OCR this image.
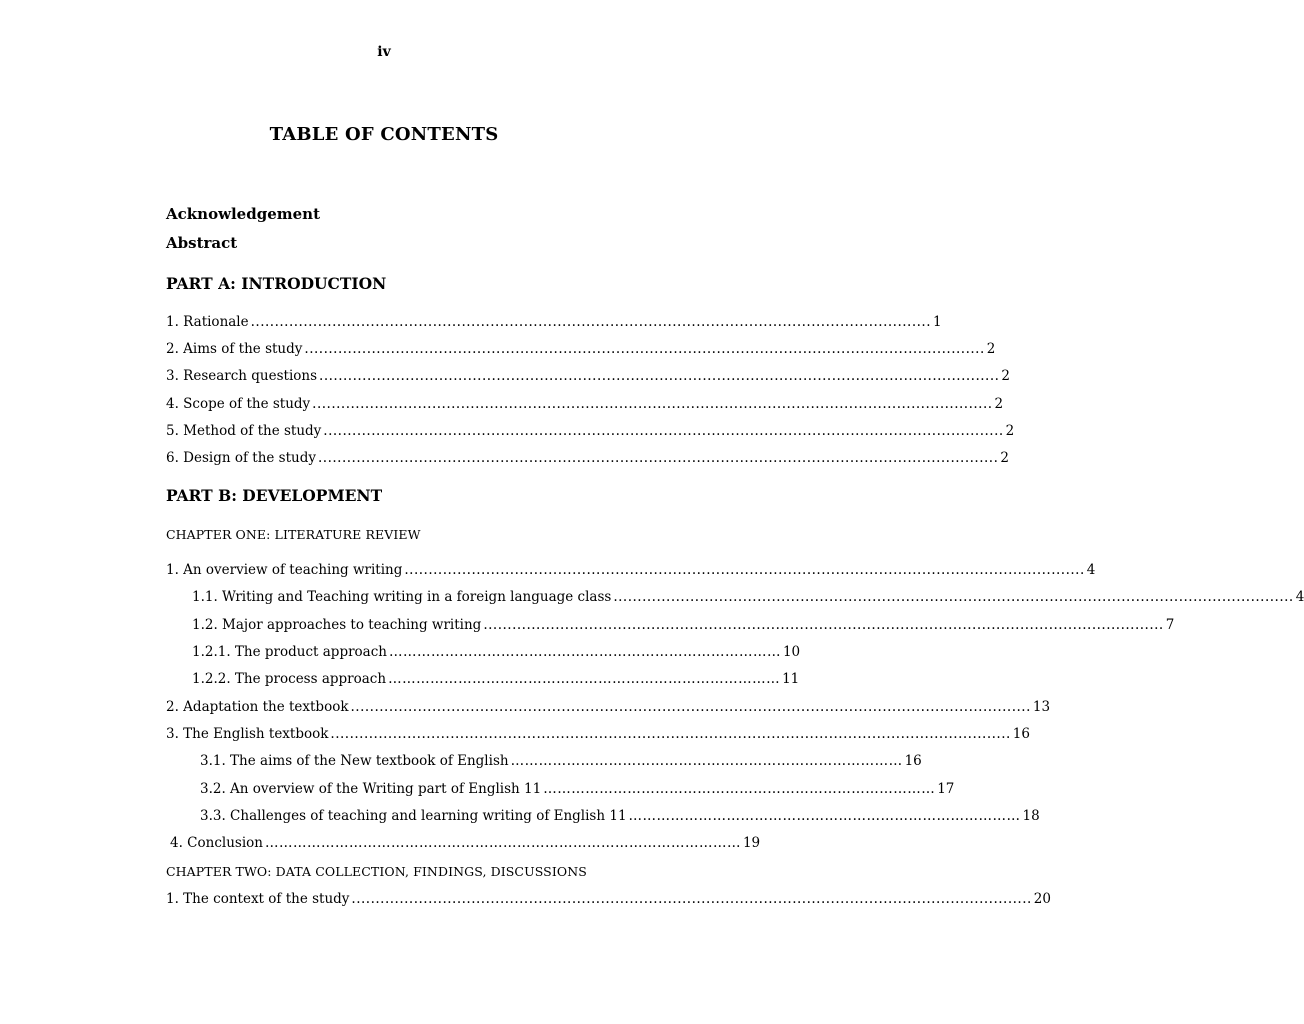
iv
TABLE OF CONTENTS
Acknowledgement
Abstract
PART A: INTRODUCTION
1. Rationale .............................................................................................................................................. 1
2. Aims of the study .............................................................................................................................................. 2
3. Research questions .............................................................................................................................................. 2
4. Scope of the study .............................................................................................................................................. 2
5. Method of the study .............................................................................................................................................. 2
6. Design of the study .............................................................................................................................................. 2
PART B: DEVELOPMENT
CHAPTER ONE: LITERATURE REVIEW
1. An overview of teaching writing .............................................................................................................................................. 4
1.1. Writing and Teaching writing in a foreign language class .............................................................................................................................................. 4
1.2. Major approaches to teaching writing .............................................................................................................................................. 7
1.2.1. The product approach ………………………………………………………………………… 10
1.2.2. The process approach ………………………………………………………………………… 11
2. Adaptation the textbook .............................................................................................................................................. 13
3. The English textbook .............................................................................................................................................. 16
3.1. The aims of the New textbook of English ………………………………………………………………………… 16
3.2. An overview of the Writing part of English 11 ………………………………………………………………………… 17
3.3. Challenges of teaching and learning writing of English 11 ………………………………………………………………………… 18
4. Conclusion ………………………………………………………………………………………… 19
CHAPTER TWO: DATA COLLECTION, FINDINGS, DISCUSSIONS
1. The context of the study .............................................................................................................................................. 20
